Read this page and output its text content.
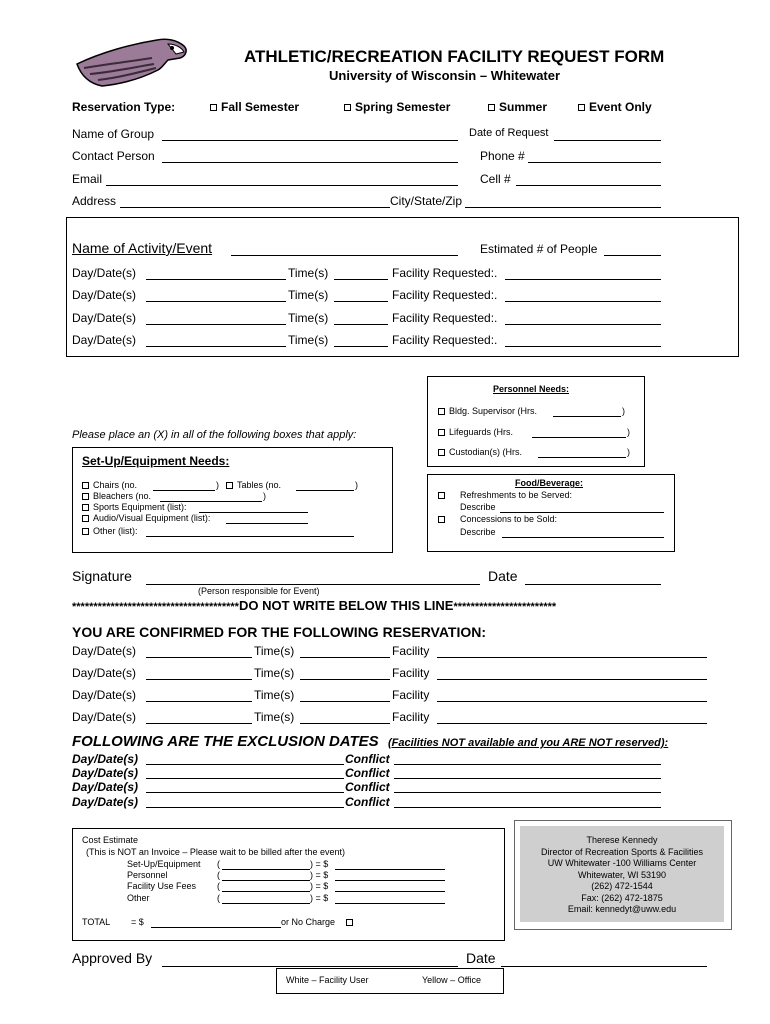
ATHLETIC/RECREATION FACILITY REQUEST FORM
University of Wisconsin – Whitewater
Reservation Type:	Fall Semester	Spring Semester	Summer	Event Only
Name of Group	Date of Request
Contact Person	Phone #
Email	Cell #
Address	City/State/Zip
Name of Activity/Event	Estimated # of People
Day/Date(s)	Time(s)	Facility Requested:.
Day/Date(s)	Time(s)	Facility Requested:.
Day/Date(s)	Time(s)	Facility Requested:.
Day/Date(s)	Time(s)	Facility Requested:.
Personnel Needs:
Bldg. Supervisor (Hrs.	)
Lifeguards (Hrs.	)
Custodian(s) (Hrs.	)
Please place an (X) in all of the following boxes that apply:
Set-Up/Equipment Needs:
Chairs (no.	)	Tables (no.	)
Bleachers (no.	)
Sports Equipment (list):
Audio/Visual Equipment (list):
Other (list):
Food/Beverage:
Refreshments to be Served:
Describe
Concessions to be Sold:
Describe
Signature	Date
(Person responsible for Event)
***************************************DO NOT WRITE BELOW THIS LINE************************
YOU ARE CONFIRMED FOR THE FOLLOWING RESERVATION:
Day/Date(s)	Time(s)	Facility
Day/Date(s)	Time(s)	Facility
Day/Date(s)	Time(s)	Facility
Day/Date(s)	Time(s)	Facility
FOLLOWING ARE THE EXCLUSION DATES (Facilities NOT available and you ARE NOT reserved):
Day/Date(s)	Conflict
Day/Date(s)	Conflict
Day/Date(s)	Conflict
Day/Date(s)	Conflict
Cost Estimate
(This is NOT an Invoice – Please wait to be billed after the event)
Set-Up/Equipment (	) = $
Personnel	(	) = $
Facility Use Fees (	) = $
Other	(	) = $
TOTAL = $	or No Charge
Therese Kennedy
Director of Recreation Sports & Facilities
UW Whitewater -100 Williams Center
Whitewater, WI 53190
(262) 472-1544
Fax: (262) 472-1875
Email: kennedyt@uww.edu
Approved By	Date
White – Facility User	Yellow – Office
